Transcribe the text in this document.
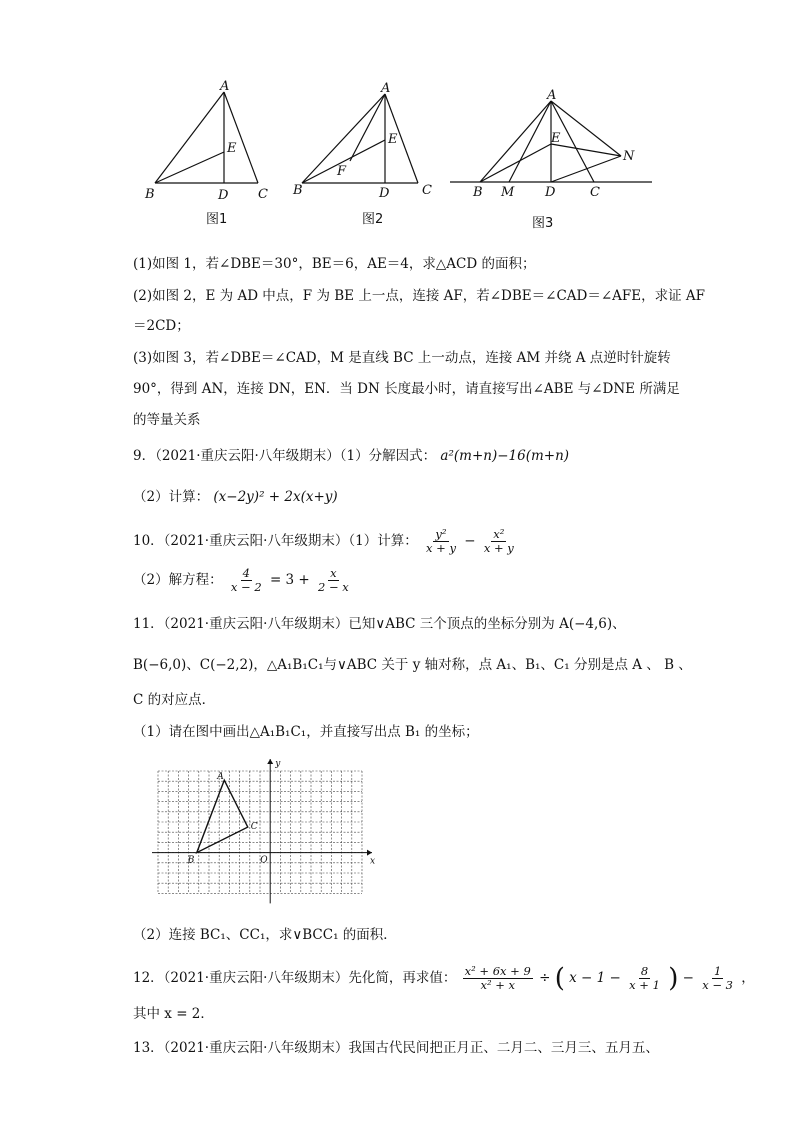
A
B	C
D
E
图1
A
B	C
D
E
F
图2
A
B M D	C
E
N
图3
(1)如图 1，若∠DBE＝30°，BE＝6，AE＝4，求△ACD 的面积；
(2)如图 2，E 为 AD 中点，F 为 BE 上一点，连接 AF，若∠DBE＝∠CAD＝∠AFE，求证 AF
＝2CD；
(3)如图 3，若∠DBE＝∠CAD，M 是直线 BC 上一动点，连接 AM 并绕 A 点逆时针旋转
90°，得到 AN，连接 DN，EN．当 DN 长度最小时，请直接写出∠ABE 与∠DNE 所满足
的等量关系
9．（2021·重庆云阳·八年级期末）（1）分解因式： a²(m+n)−16(m+n)
（2）计算： (x−2y)² + 2x(x+y)
10．（2021·重庆云阳·八年级期末）（1）计算： $\frac{\text{y²}}{x + y} - \frac{\text{x²}}{x + y}$
（2）解方程： $\frac{4}{x - 2} = 3 + \frac{x}{2 - x}$
11．（2021·重庆云阳·八年级期末）已知∨ABC 三个顶点的坐标分别为 A(−4,6)、
B(−6,0)、C(−2,2)，△A₁B₁C₁与∨ABC 关于 y 轴对称，点 A₁、B₁、C₁ 分别是点 A 、 B 、
C 的对应点．
（1）请在图中画出△A₁B₁C₁，并直接写出点 B₁ 的坐标；
A
B
C
O	x
y
（2）连接 BC₁、CC₁，求∨BCC₁ 的面积．
12．（2021·重庆云阳·八年级期末）先化简，再求值： $\frac{\text{x² + 6x + 9}}{\text{x² + x}}$ ÷ ( $x - 1 - \frac{8}{x + 1}$ ) − $\frac{1}{x - 3}$ ，
其中 x = 2．
13．（2021·重庆云阳·八年级期末）我国古代民间把正月正、二月二、三月三、五月五、
